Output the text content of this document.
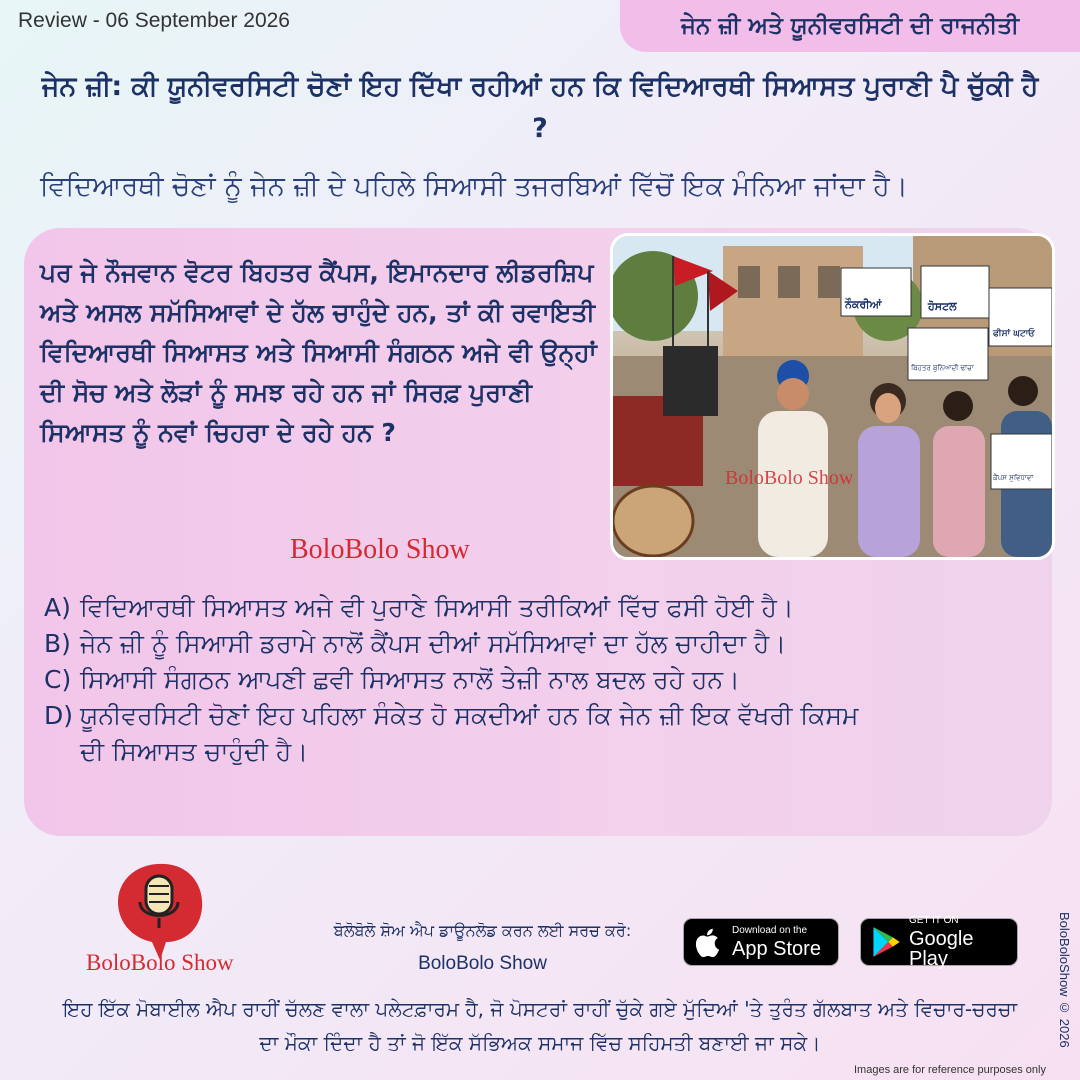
Review - 06 September 2026	ਜੇਨ ਜ਼ੀ ਅਤੇ ਯੂਨੀਵਰਸਿਟੀ ਦੀ ਰਾਜਨੀਤੀ
ਜੇਨ ਜ਼ੀ: ਕੀ ਯੂਨੀਵਰਸਿਟੀ ਚੋਣਾਂ ਇਹ ਦਿੱਖਾ ਰਹੀਆਂ ਹਨ ਕਿ ਵਿਦਿਆਰਥੀ ਸਿਆਸਤ ਪੁਰਾਣੀ ਪੈ ਚੁੱਕੀ ਹੈ ?
ਵਿਦਿਆਰਥੀ ਚੋਣਾਂ ਨੂੰ ਜੇਨ ਜ਼ੀ ਦੇ ਪਹਿਲੇ ਸਿਆਸੀ ਤਜਰਬਿਆਂ ਵਿੱਚੋਂ ਇਕ ਮੰਨਿਆ ਜਾਂਦਾ ਹੈ।
ਪਰ ਜੇ ਨੌਜਵਾਨ ਵੋਟਰ ਬਿਹਤਰ ਕੈਂਪਸ, ਇਮਾਨਦਾਰ ਲੀਡਰਸ਼ਿਪ ਅਤੇ ਅਸਲ ਸਮੱਸਿਆਵਾਂ ਦੇ ਹੱਲ ਚਾਹੁੰਦੇ ਹਨ, ਤਾਂ ਕੀ ਰਵਾਇਤੀ ਵਿਦਿਆਰਥੀ ਸਿਆਸਤ ਅਤੇ ਸਿਆਸੀ ਸੰਗਠਨ ਅਜੇ ਵੀ ਉਨ੍ਹਾਂ ਦੀ ਸੋਚ ਅਤੇ ਲੋੜਾਂ ਨੂੰ ਸਮਝ ਰਹੇ ਹਨ ਜਾਂ ਸਿਰਫ਼ ਪੁਰਾਣੀ ਸਿਆਸਤ ਨੂੰ ਨਵਾਂ ਚਿਹਰਾ ਦੇ ਰਹੇ ਹਨ ?
BoloBolo Show
ਨੌਕਰੀਆਂ	ਹੋਸਟਲ
ਫੀਸਾਂ ਘਟਾਓ
ਬਿਹਤਰ ਬੁਨਿਆਦੀ ਢਾਂਚਾ
ਕੈਂਪਸ ਸੁਵਿਧਾਵਾਂ
BoloBolo Show
A) ਵਿਦਿਆਰਥੀ ਸਿਆਸਤ ਅਜੇ ਵੀ ਪੁਰਾਣੇ ਸਿਆਸੀ ਤਰੀਕਿਆਂ ਵਿੱਚ ਫਸੀ ਹੋਈ ਹੈ।
B) ਜੇਨ ਜ਼ੀ ਨੂੰ ਸਿਆਸੀ ਡਰਾਮੇ ਨਾਲੋਂ ਕੈਂਪਸ ਦੀਆਂ ਸਮੱਸਿਆਵਾਂ ਦਾ ਹੱਲ ਚਾਹੀਦਾ ਹੈ।
C) ਸਿਆਸੀ ਸੰਗਠਨ ਆਪਣੀ ਛਵੀ ਸਿਆਸਤ ਨਾਲੋਂ ਤੇਜ਼ੀ ਨਾਲ ਬਦਲ ਰਹੇ ਹਨ।
D) ਯੂਨੀਵਰਸਿਟੀ ਚੋਣਾਂ ਇਹ ਪਹਿਲਾ ਸੰਕੇਤ ਹੋ ਸਕਦੀਆਂ ਹਨ ਕਿ ਜੇਨ ਜ਼ੀ ਇਕ ਵੱਖਰੀ ਕਿਸਮ ਦੀ ਸਿਆਸਤ ਚਾਹੁੰਦੀ ਹੈ।
BoloBolo Show
ਬੋਲੋਬੋਲੋ ਸ਼ੋਅ ਐਪ ਡਾਊਨਲੋਡ ਕਰਨ ਲਈ ਸਰਚ ਕਰੋ:
BoloBolo Show
Download on the
App Store
GET IT ON
Google Play
ਇਹ ਇੱਕ ਮੋਬਾਈਲ ਐਪ ਰਾਹੀਂ ਚੱਲਣ ਵਾਲਾ ਪਲੇਟਫ਼ਾਰਮ ਹੈ, ਜੋ ਪੋਸਟਰਾਂ ਰਾਹੀਂ ਚੁੱਕੇ ਗਏ ਮੁੱਦਿਆਂ 'ਤੇ ਤੁਰੰਤ ਗੱਲਬਾਤ ਅਤੇ ਵਿਚਾਰ-ਚਰਚਾ ਦਾ ਮੌਕਾ ਦਿੰਦਾ ਹੈ ਤਾਂ ਜੋ ਇੱਕ ਸੱਭਿਅਕ ਸਮਾਜ ਵਿੱਚ ਸਹਿਮਤੀ ਬਣਾਈ ਜਾ ਸਕੇ।	BoloBoloShow © 2026
Images are for reference purposes only
